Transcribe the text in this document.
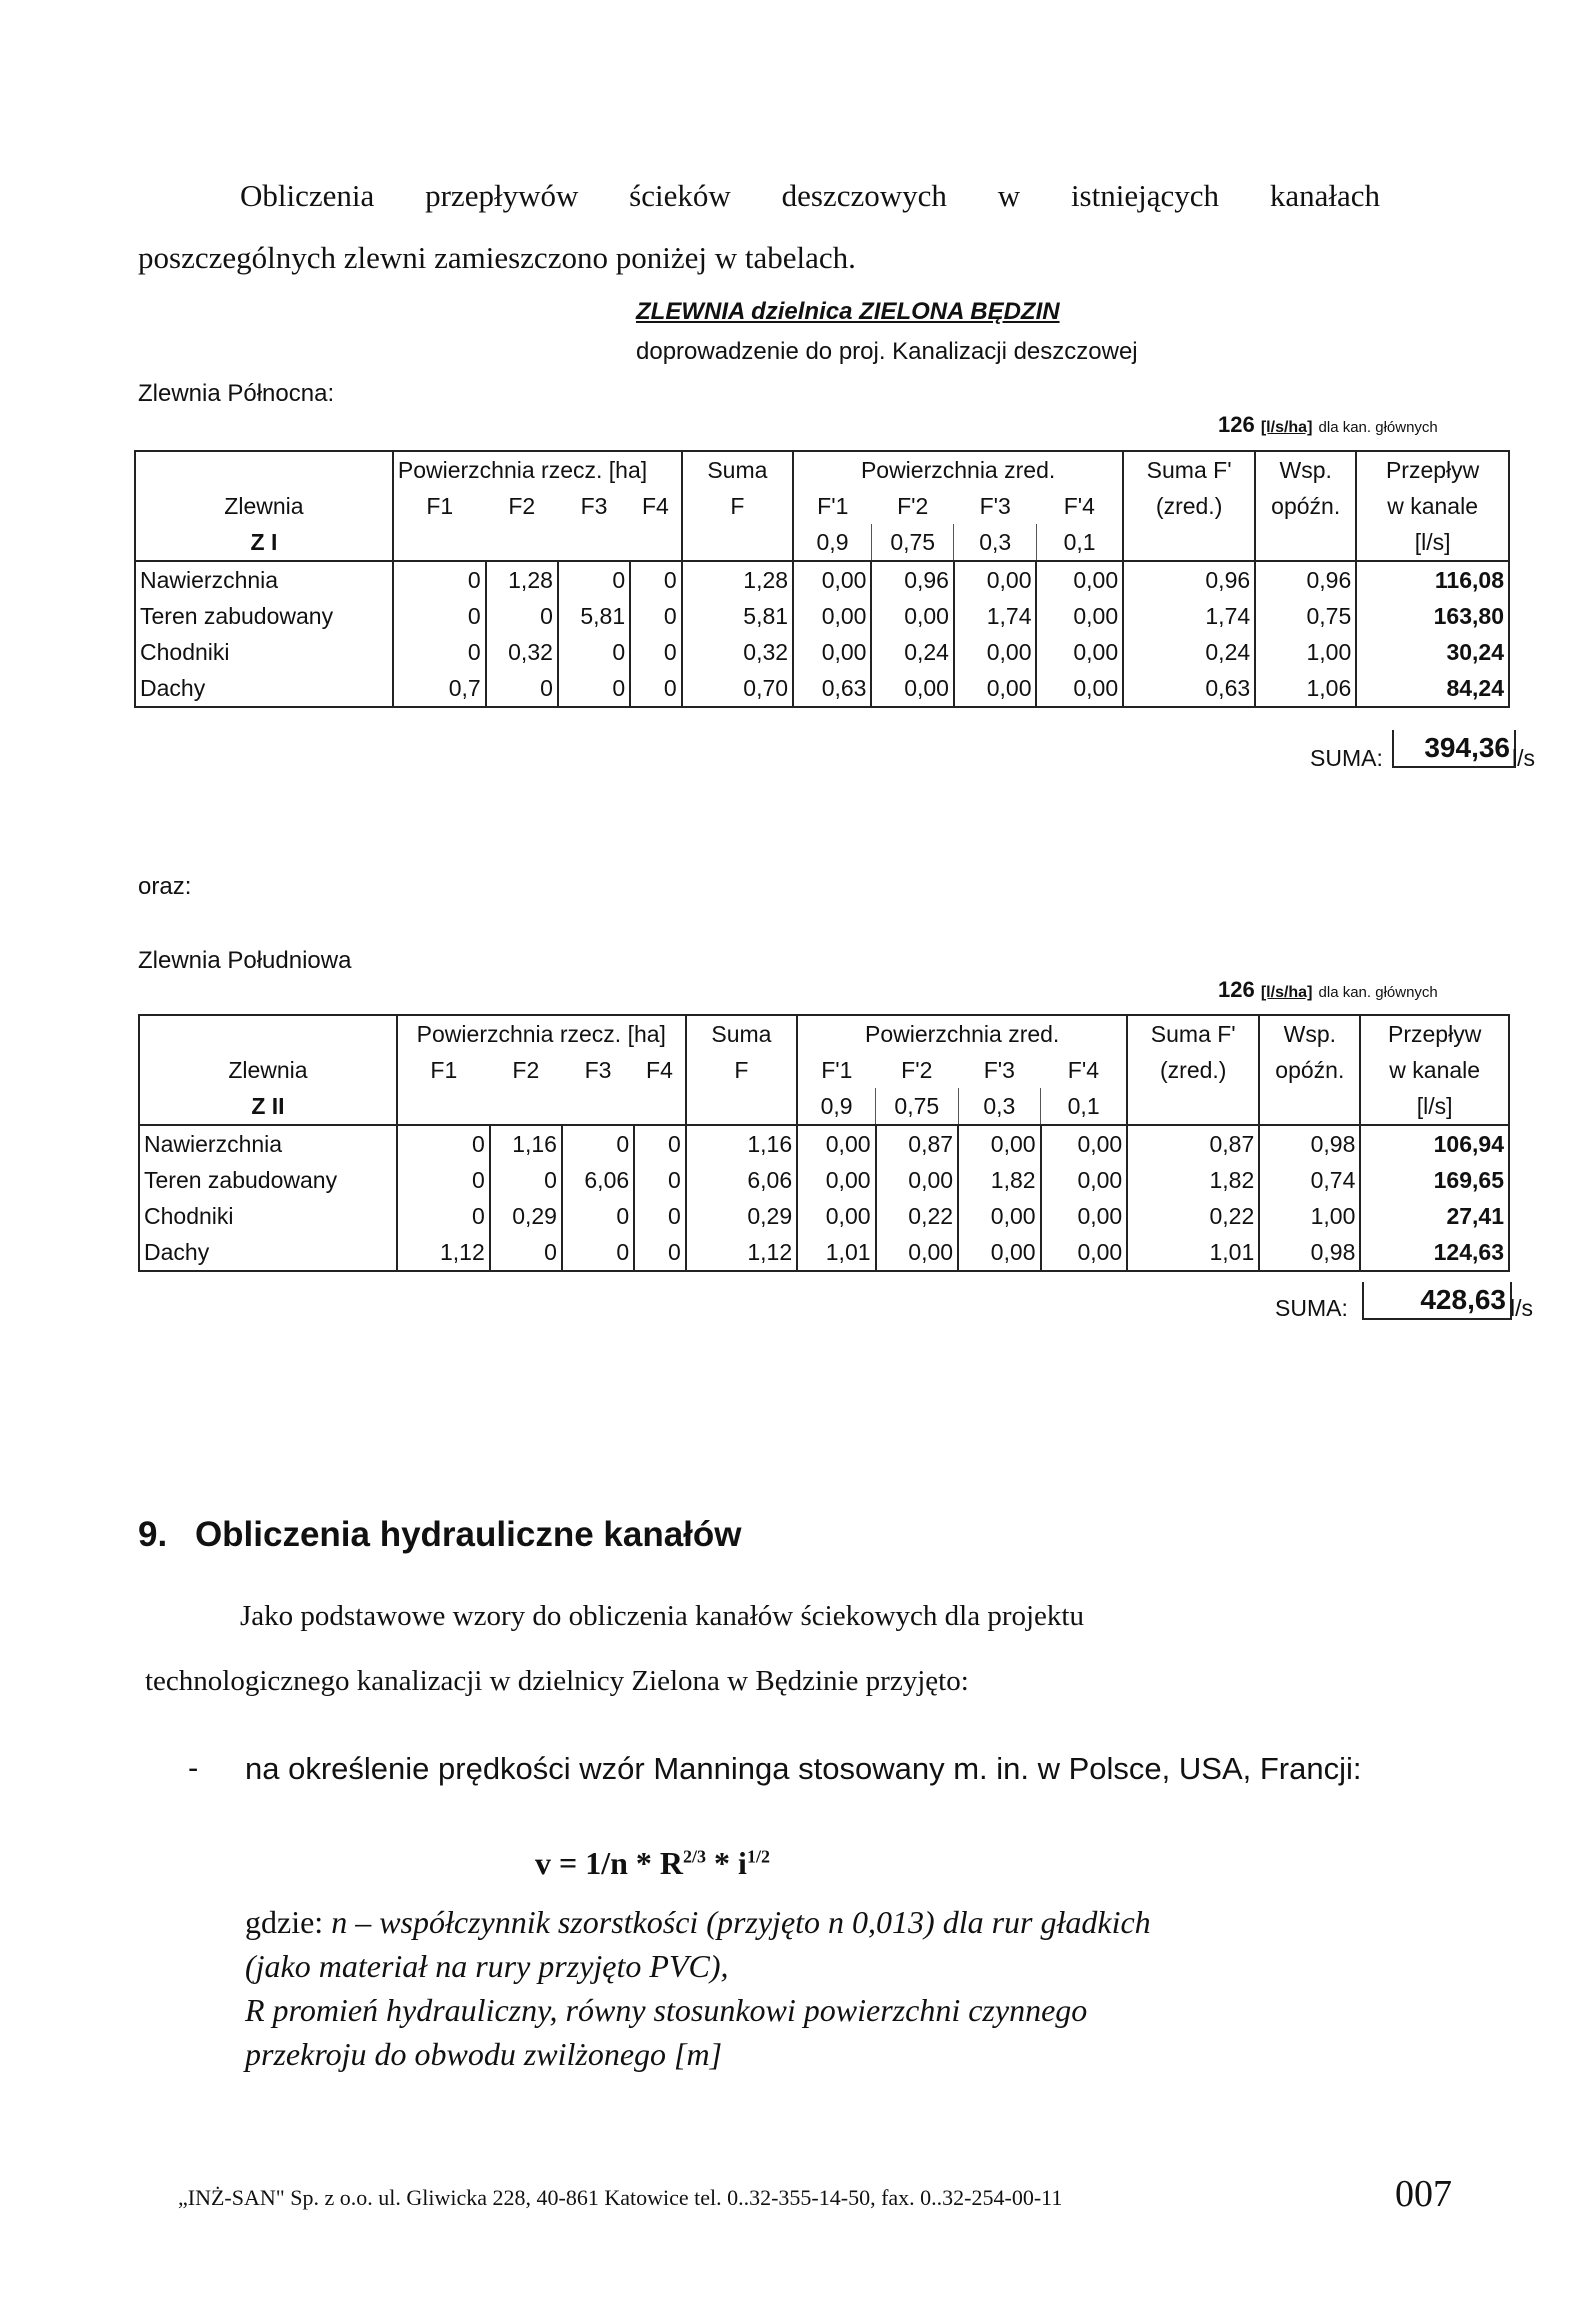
Obliczenia przepływów ścieków deszczowych w istniejących kanałach
poszczególnych zlewni zamieszczono poniżej w tabelach.
ZLEWNIA dzielnica ZIELONA BĘDZIN
doprowadzenie do proj. Kanalizacji deszczowej
Zlewnia Północna:
126 [l/s/ha] dla kan. głównych
	Powierzchnia rzecz. [ha]				Suma	Powierzchnia zred.				Suma F'	Wsp.	Przepływ
Zlewnia	F1	F2	F3	F4	F	F'1	F'2	F'3	F'4	(zred.)	opóźn.	w kanale
Z I						0,9	0,75	0,3	0,1			[l/s]
Nawierzchnia	0	1,28	0	0	1,28	0,00	0,96	0,00	0,00	0,96	0,96	116,08
Teren zabudowany	0	0	5,81	0	5,81	0,00	0,00	1,74	0,00	1,74	0,75	163,80
Chodniki	0	0,32	0	0	0,32	0,00	0,24	0,00	0,00	0,24	1,00	30,24
Dachy	0,7	0	0	0	0,70	0,63	0,00	0,00	0,00	0,63	1,06	84,24
SUMA:	394,36 l/s
oraz:
Zlewnia Południowa
126 [l/s/ha] dla kan. głównych
	Powierzchnia rzecz. [ha]				Suma	Powierzchnia zred.				Suma F'	Wsp.	Przepływ
Zlewnia	F1	F2	F3	F4	F	F'1	F'2	F'3	F'4	(zred.)	opóźn.	w kanale
Z II						0,9	0,75	0,3	0,1			[l/s]
Nawierzchnia	0	1,16	0	0	1,16	0,00	0,87	0,00	0,00	0,87	0,98	106,94
Teren zabudowany	0	0	6,06	0	6,06	0,00	0,00	1,82	0,00	1,82	0,74	169,65
Chodniki	0	0,29	0	0	0,29	0,00	0,22	0,00	0,00	0,22	1,00	27,41
Dachy	1,12	0	0	0	1,12	1,01	0,00	0,00	0,00	1,01	0,98	124,63
SUMA:	428,63 l/s
9. Obliczenia hydrauliczne kanałów
Jako podstawowe wzory do obliczenia kanałów ściekowych dla projektu
technologicznego kanalizacji w dzielnicy Zielona w Będzinie przyjęto:
- na określenie prędkości wzór Manninga stosowany m. in. w Polsce, USA, Francji:
$v = 1/n * R^{2/3} * i^{1/2}$
gdzie: n – współczynnik szorstkości (przyjęto n 0,013) dla rur gładkich
(jako materiał na rury przyjęto PVC),
R promień hydrauliczny, równy stosunkowi powierzchni czynnego
przekroju do obwodu zwilżonego [m]
„INŻ-SAN" Sp. z o.o. ul. Gliwicka 228, 40-861 Katowice tel. 0..32-355-14-50, fax. 0..32-254-00-11	007
